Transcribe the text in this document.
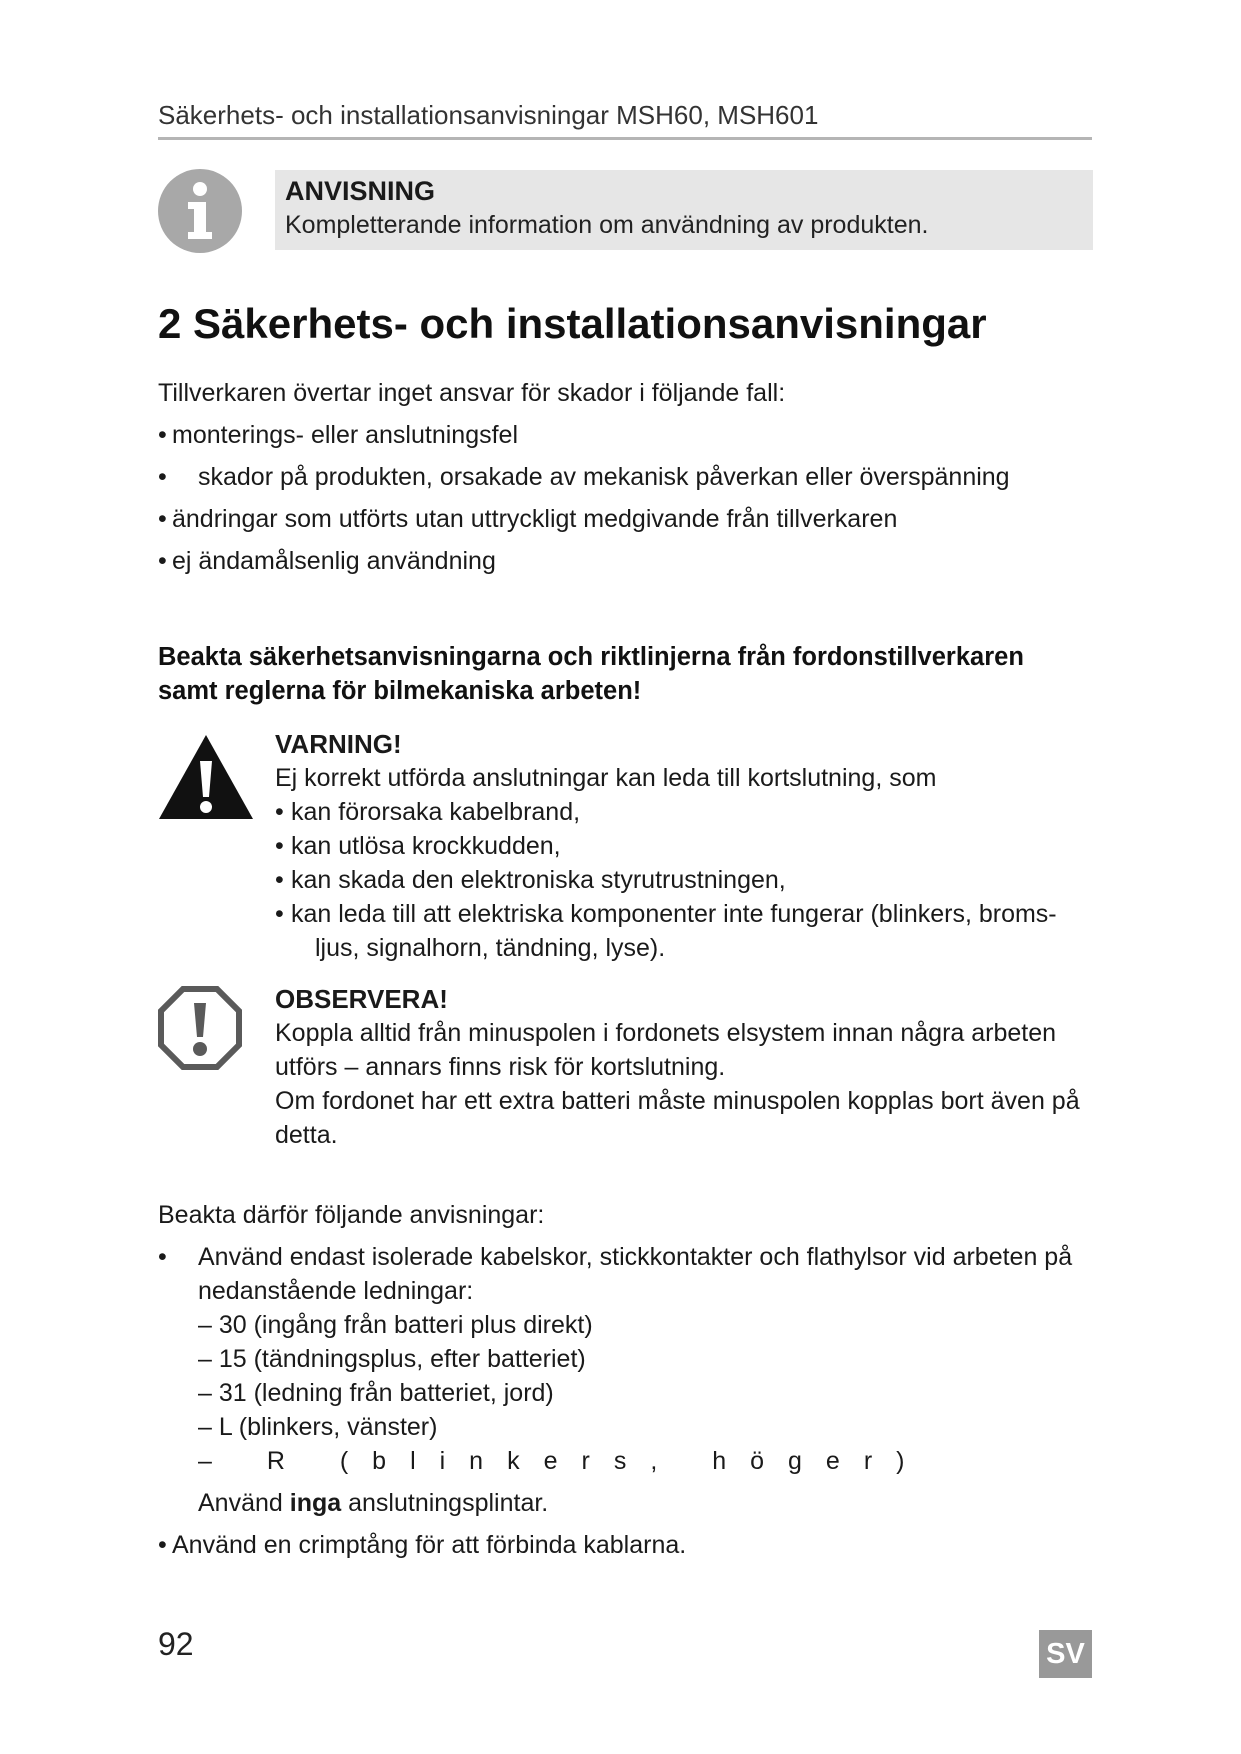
Säkerhets- och installationsanvisningar MSH60, MSH601
ANVISNING
Kompletterande information om användning av produkten.
2 Säkerhets- och installationsanvisningar
Tillverkaren övertar inget ansvar för skador i följande fall:
• monterings- eller anslutningsfel
•	skador på produkten, orsakade av mekanisk påverkan eller överspänning
• ändringar som utförts utan uttryckligt medgivande från tillverkaren
• ej ändamålsenlig användning
Beakta säkerhetsanvisningarna och riktlinjerna från fordonstillverkaren
samt reglerna för bilmekaniska arbeten!
VARNING!
Ej korrekt utförda anslutningar kan leda till kortslutning, som
• kan förorsaka kabelbrand,
• kan utlösa krockkudden,
• kan skada den elektroniska styrutrustningen,
• kan leda till att elektriska komponenter inte fungerar (blinkers, broms-
ljus, signalhorn, tändning, lyse).
OBSERVERA!
Koppla alltid från minuspolen i fordonets elsystem innan några arbeten
utförs – annars finns risk för kortslutning.
Om fordonet har ett extra batteri måste minuspolen kopplas bort även på
detta.
Beakta därför följande anvisningar:
•	Använd endast isolerade kabelskor, stickkontakter och flathylsor vid arbeten på
nedanstående ledningar:
– 30 (ingång från batteri plus direkt)
– 15 (tändningsplus, efter batteriet)
– 31 (ledning från batteriet, jord)
– L (blinkers, vänster)
– R (blinkers, höger)
Använd inga anslutningsplintar.
• Använd en crimptång för att förbinda kablarna.
92	SV
